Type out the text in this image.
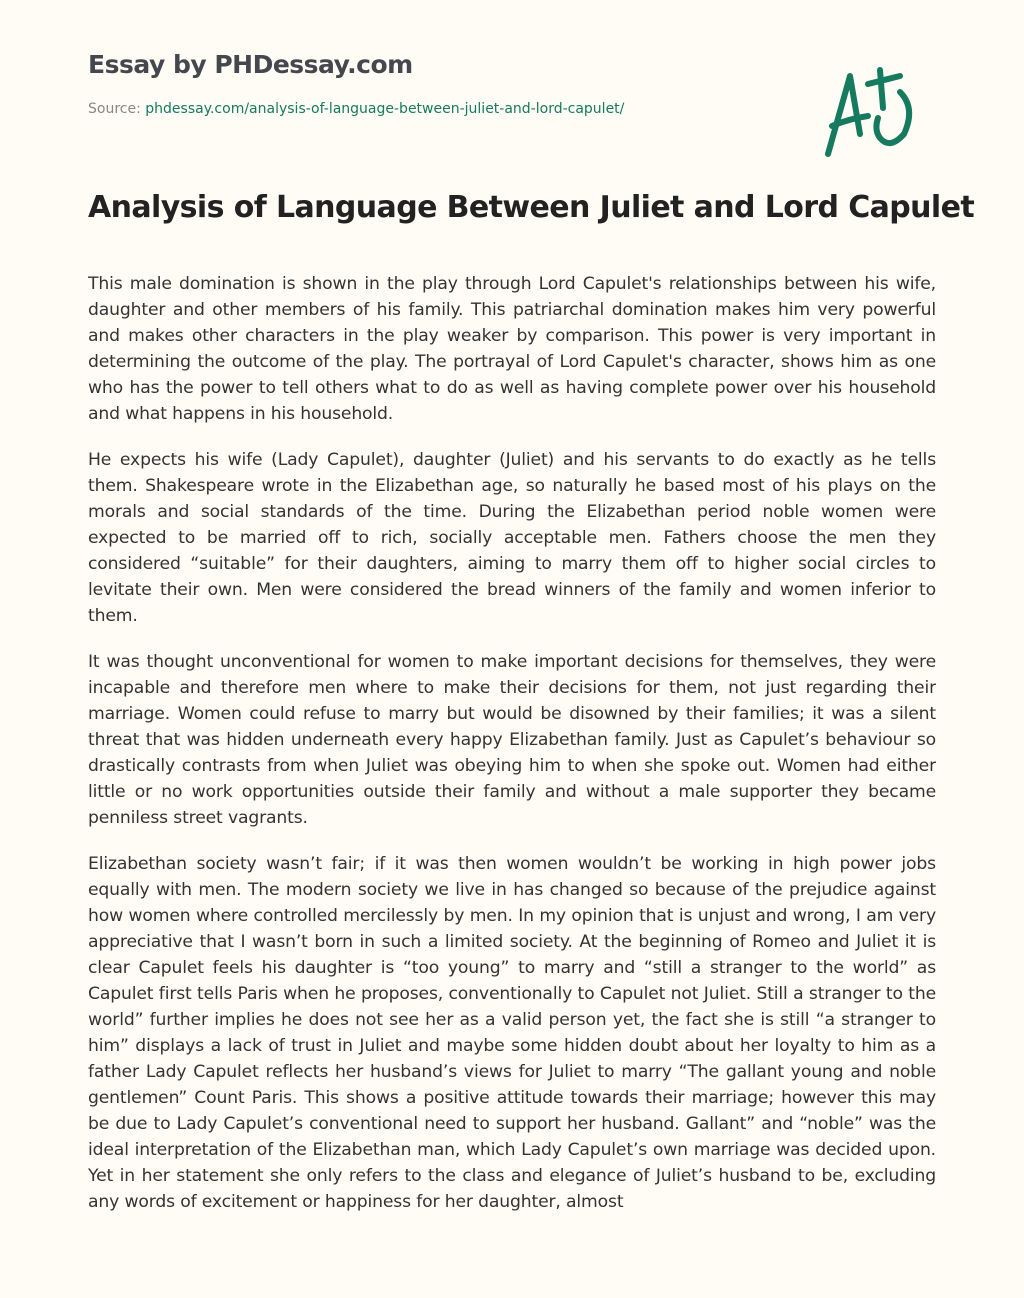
Essay by PHDessay.com
Source: phdessay.com/analysis-of-language-between-juliet-and-lord-capulet/
Analysis of Language Between Juliet and Lord Capulet

This male domination is shown in the play through Lord Capulet's relationships between his wife, daughter and other members of his family. This patriarchal domination makes him very powerful and makes other characters in the play weaker by comparison. This power is very important in determining the outcome of the play. The portrayal of Lord Capulet's character, shows him as one who has the power to tell others what to do as well as having complete power over his household and what happens in his household.

He expects his wife (Lady Capulet), daughter (Juliet) and his servants to do exactly as he tells them. Shakespeare wrote in the Elizabethan age, so naturally he based most of his plays on the morals and social standards of the time. During the Elizabethan period noble women were expected to be married off to rich, socially acceptable men. Fathers choose the men they considered “suitable” for their daughters, aiming to marry them off to higher social circles to levitate their own. Men were considered the bread winners of the family and women inferior to them.

It was thought unconventional for women to make important decisions for themselves, they were incapable and therefore men where to make their decisions for them, not just regarding their marriage. Women could refuse to marry but would be disowned by their families; it was a silent threat that was hidden underneath every happy Elizabethan family. Just as Capulet’s behaviour so drastically contrasts from when Juliet was obeying him to when she spoke out. Women had either little or no work opportunities outside their family and without a male supporter they became penniless street vagrants.

Elizabethan society wasn’t fair; if it was then women wouldn’t be working in high power jobs equally with men. The modern society we live in has changed so because of the prejudice against how women where controlled mercilessly by men. In my opinion that is unjust and wrong, I am very appreciative that I wasn’t born in such a limited society. At the beginning of Romeo and Juliet it is clear Capulet feels his daughter is “too young” to marry and “still a stranger to the world” as Capulet first tells Paris when he proposes, conventionally to Capulet not Juliet. Still a stranger to the world” further implies he does not see her as a valid person yet, the fact she is still “a stranger to him” displays a lack of trust in Juliet and maybe some hidden doubt about her loyalty to him as a father Lady Capulet reflects her husband’s views for Juliet to marry “The gallant young and noble gentlemen” Count Paris. This shows a positive attitude towards their marriage; however this may be due to Lady Capulet’s conventional need to support her husband. Gallant” and “noble” was the ideal interpretation of the Elizabethan man, which Lady Capulet’s own marriage was decided upon. Yet in her statement she only refers to the class and elegance of Juliet’s husband to be, excluding any words of excitement or happiness for her daughter, almost
